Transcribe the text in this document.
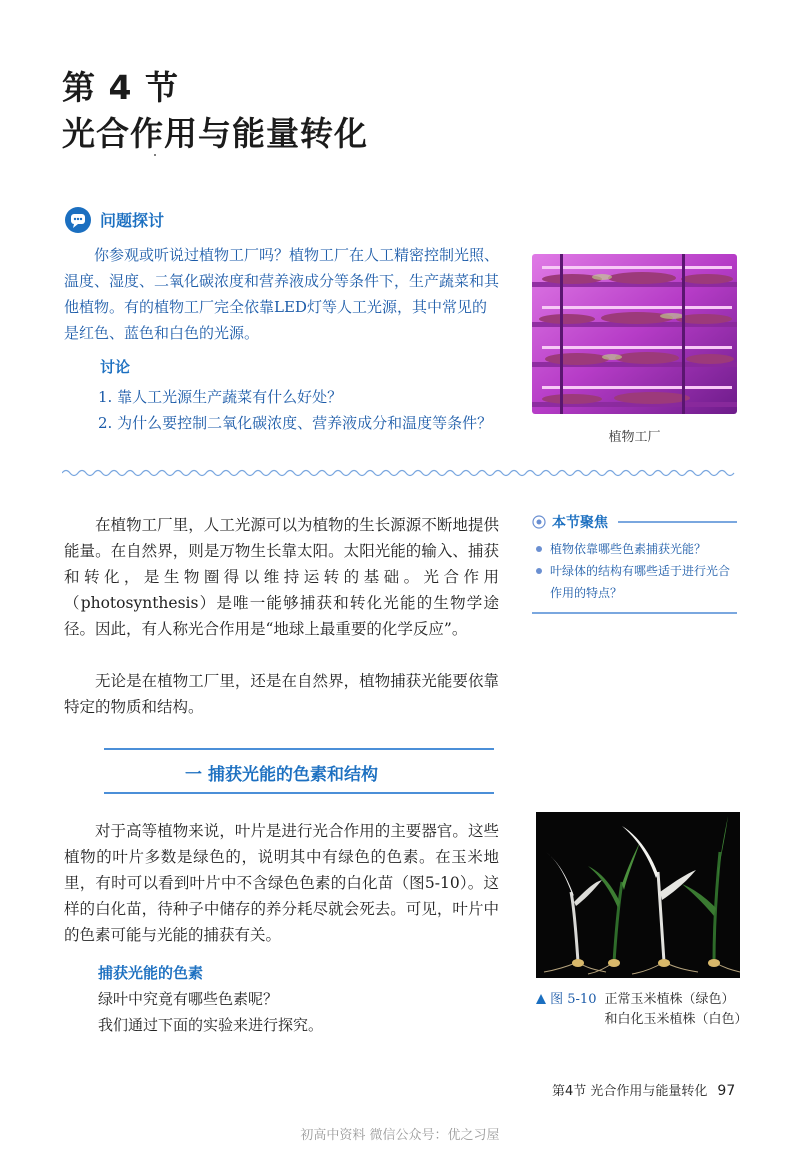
第 4 节
光合作用与能量转化
问题探讨
你参观或听说过植物工厂吗？植物工厂在人工精密控制光照、温度、湿度、二氧化碳浓度和营养液成分等条件下，生产蔬菜和其他植物。有的植物工厂完全依靠LED灯等人工光源，其中常见的是红色、蓝色和白色的光源。
讨论
1. 靠人工光源生产蔬菜有什么好处？
2. 为什么要控制二氧化碳浓度、营养液成分和温度等条件？
植物工厂
在植物工厂里，人工光源可以为植物的生长源源不断地提供能量。在自然界，则是万物生长靠太阳。太阳光能的输入、捕获和转化，是生物圈得以维持运转的基础。光合作用（photosynthesis）是唯一能够捕获和转化光能的生物学途径。因此，有人称光合作用是“地球上最重要的化学反应”。
无论是在植物工厂里，还是在自然界，植物捕获光能要依靠特定的物质和结构。
本节聚焦
植物依靠哪些色素捕获光能？
叶绿体的结构有哪些适于进行光合作用的特点？
一 捕获光能的色素和结构
对于高等植物来说，叶片是进行光合作用的主要器官。这些植物的叶片多数是绿色的，说明其中有绿色的色素。在玉米地里，有时可以看到叶片中不含绿色色素的白化苗（图5-10）。这样的白化苗，待种子中储存的养分耗尽就会死去。可见，叶片中的色素可能与光能的捕获有关。
捕获光能的色素
绿叶中究竟有哪些色素呢？
我们通过下面的实验来进行探究。
图 5-10 正常玉米植株（绿色）
和白化玉米植株（白色）
第4节 光合作用与能量转化 97
初高中资料 微信公众号：优之习屋
